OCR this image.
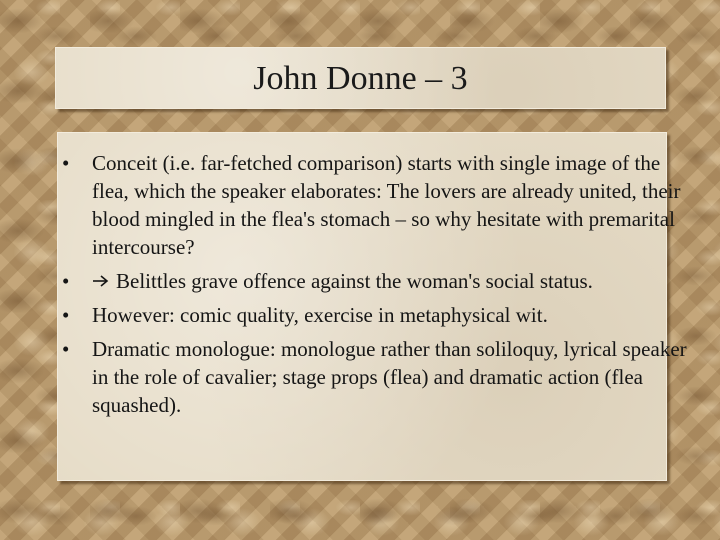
John Donne – 3
• Conceit (i.e. far-fetched comparison) starts with single image of the flea, which the speaker elaborates: The lovers are already united, their blood mingled in the flea's stomach – so why hesitate with premarital intercourse?
• Belittles grave offence against the woman's social status.
• However: comic quality, exercise in metaphysical wit.
• Dramatic monologue: monologue rather than soliloquy, lyrical speaker in the role of cavalier; stage props (flea) and dramatic action (flea squashed).
